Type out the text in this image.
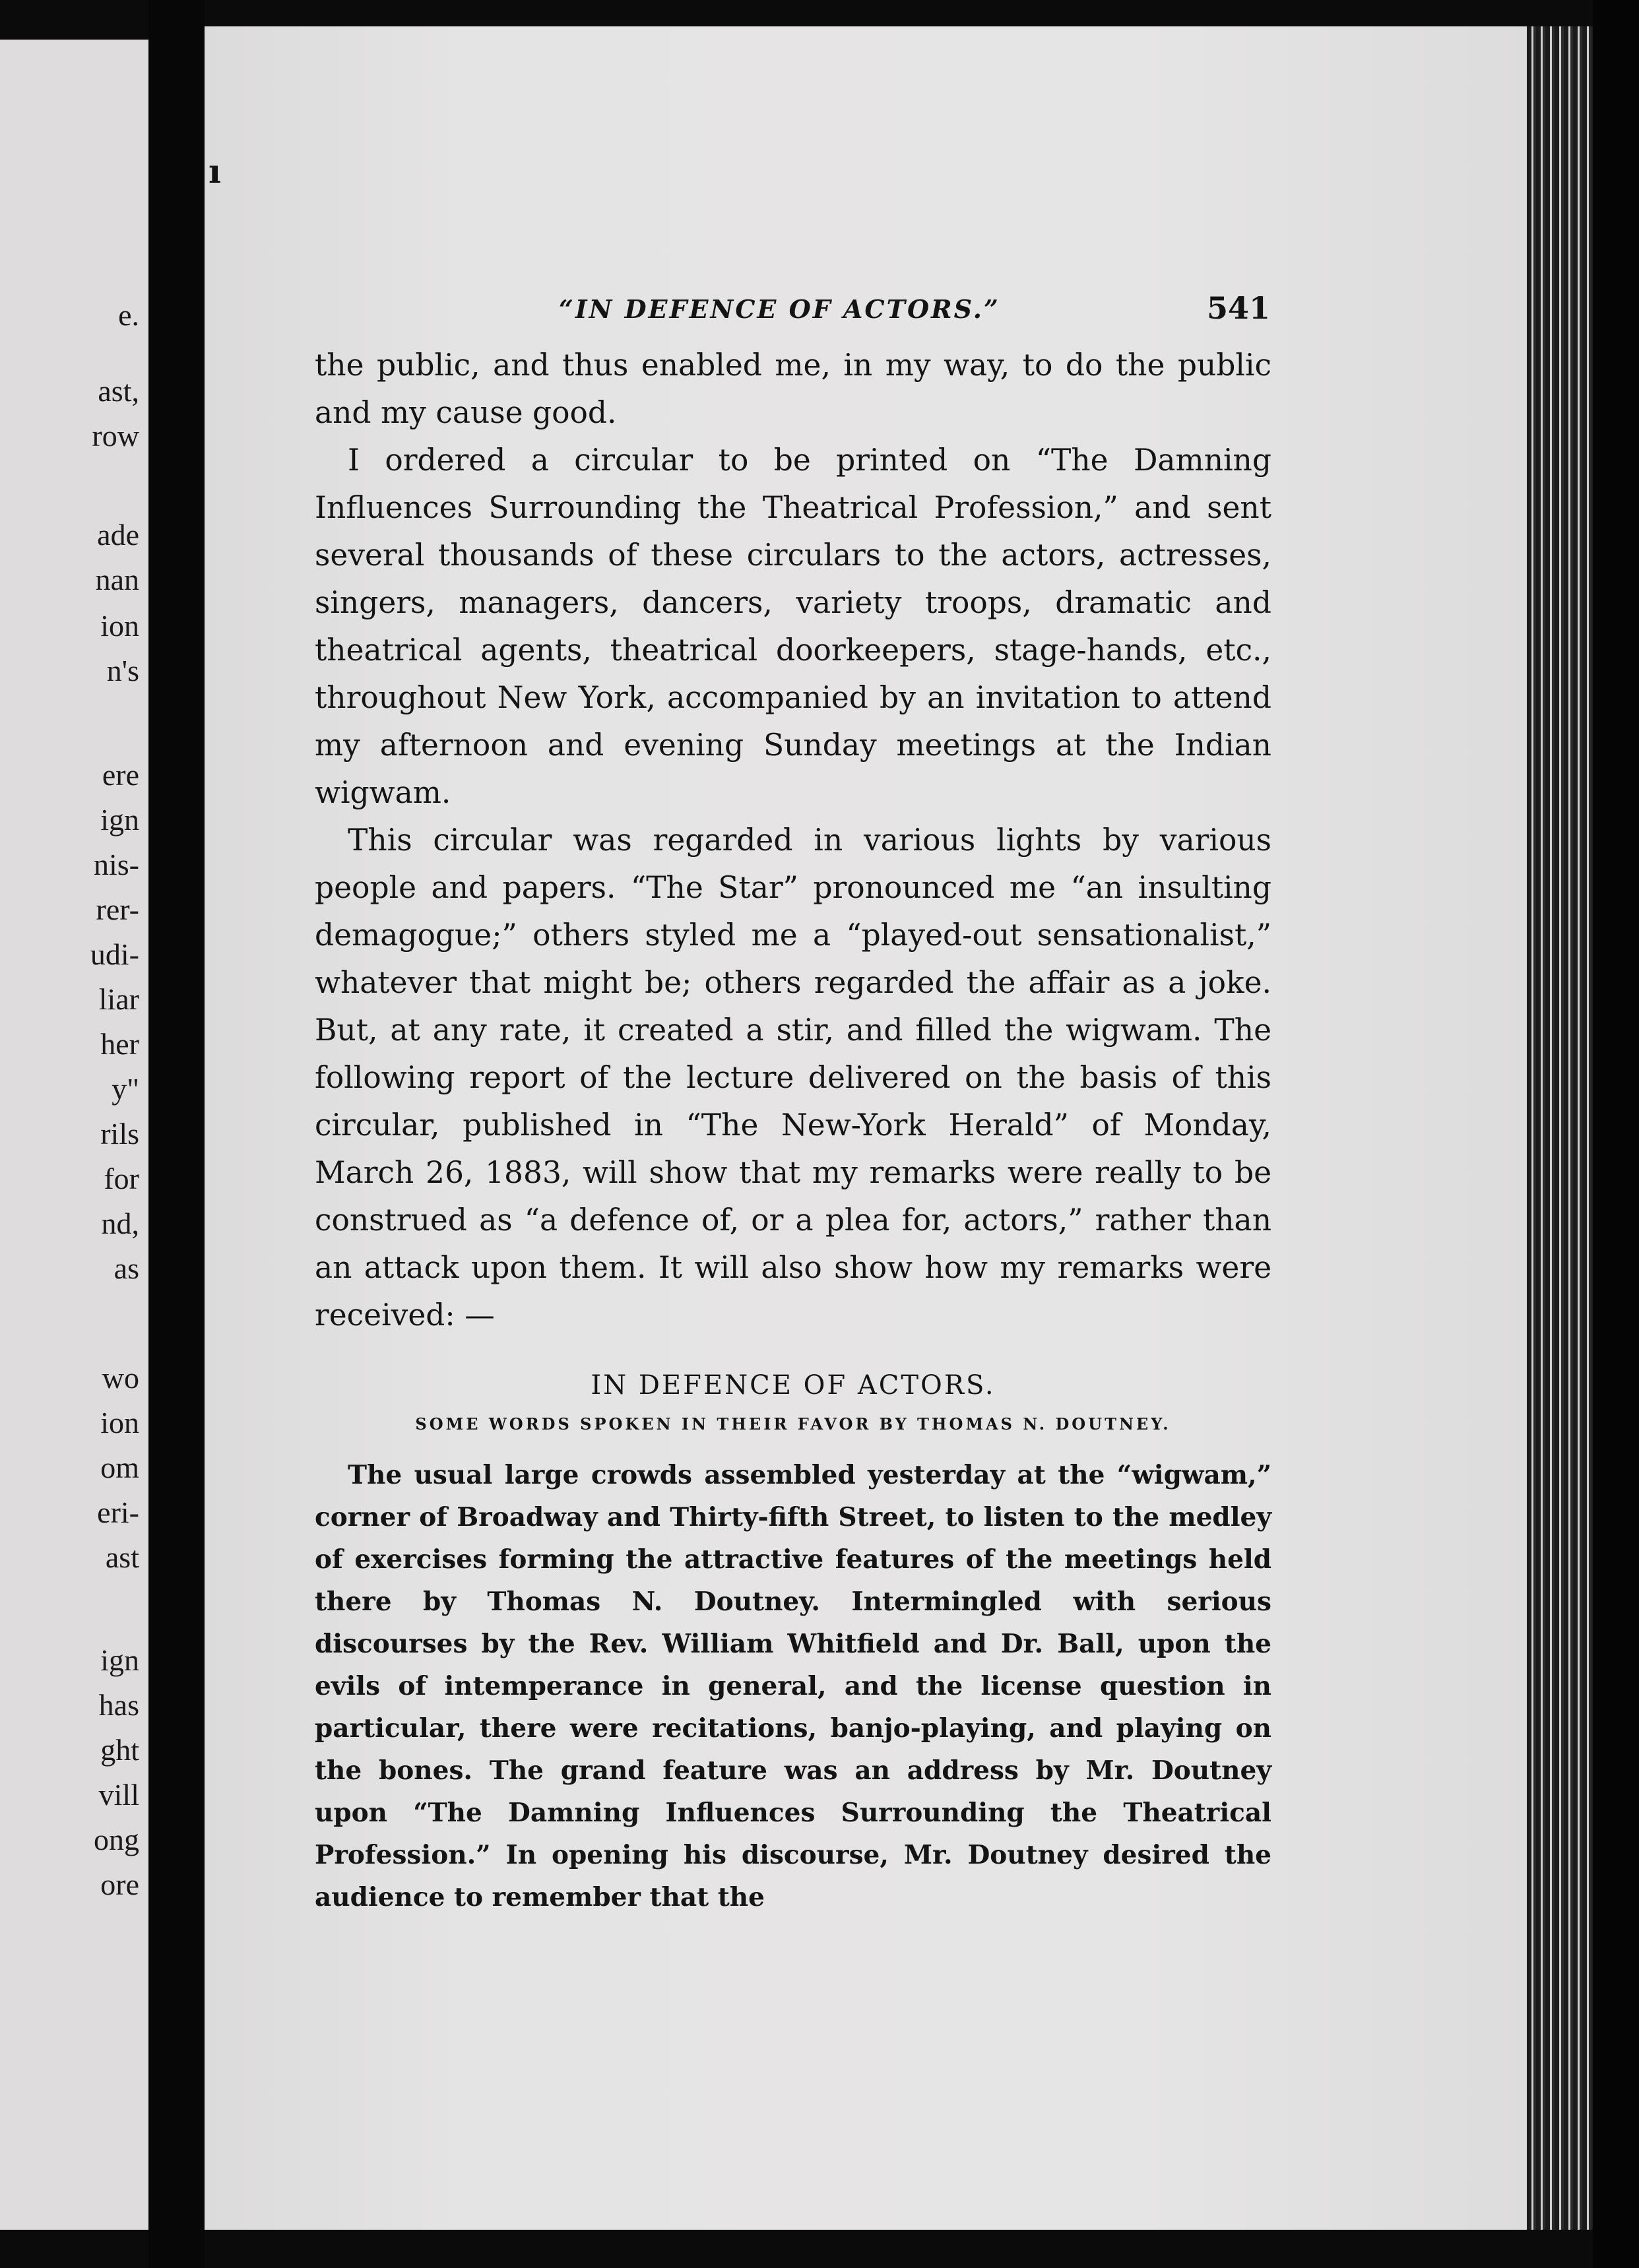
e.
ast,
row
ade
nan
ion
n's
ere
ign
nis-
rer-
udi-
liar
her
y"
rils
for
nd,
as
wo
ion
om
eri-
ast
ign
has
ght
vill
ong
ore
ı
“IN DEFENCE OF ACTORS.”	541

the public, and thus enabled me, in my way, to do the public and my cause good.

I ordered a circular to be printed on “The Damning Influences Surrounding the Theatrical Profession,” and sent several thousands of these circulars to the actors, actresses, singers, managers, dancers, variety troops, dramatic and theatrical agents, theatrical doorkeepers, stage-hands, etc., throughout New York, accompanied by an invitation to attend my afternoon and evening Sunday meetings at the Indian wigwam.

This circular was regarded in various lights by various people and papers. “The Star” pronounced me “an insulting demagogue;” others styled me a “played-out sensationalist,” whatever that might be; others regarded the affair as a joke. But, at any rate, it created a stir, and filled the wigwam. The following report of the lecture delivered on the basis of this circular, published in “The New-York Herald” of Monday, March 26, 1883, will show that my remarks were really to be construed as “a defence of, or a plea for, actors,” rather than an attack upon them. It will also show how my remarks were received: —

IN DEFENCE OF ACTORS.
SOME WORDS SPOKEN IN THEIR FAVOR BY THOMAS N. DOUTNEY.

The usual large crowds assembled yesterday at the “wigwam,” corner of Broadway and Thirty-fifth Street, to listen to the medley of exercises forming the attractive features of the meetings held there by Thomas N. Doutney. Intermingled with serious discourses by the Rev. William Whitfield and Dr. Ball, upon the evils of intemperance in general, and the license question in particular, there were recitations, banjo-playing, and playing on the bones. The grand feature was an address by Mr. Doutney upon “The Damning Influences Surrounding the Theatrical Profession.” In opening his discourse, Mr. Doutney desired the audience to remember that the
